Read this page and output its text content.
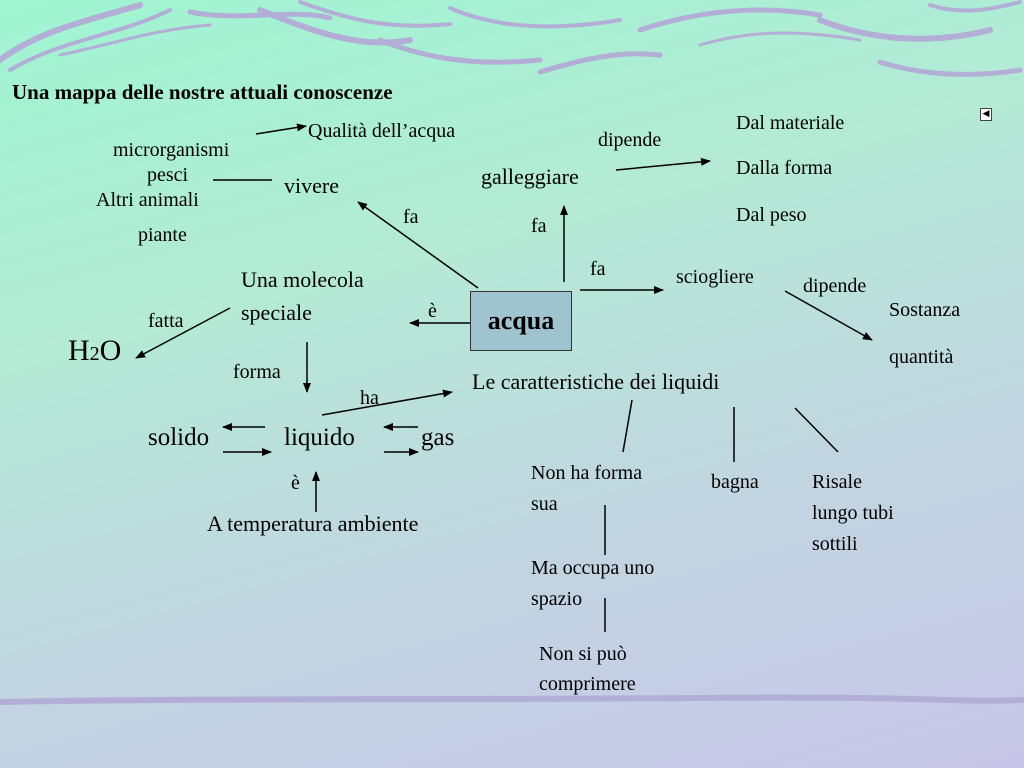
Una mappa delle nostre attuali conoscenze
◀
Qualità dell’acqua
microrganismi
pesci
Altri animali
piante
vivere
dipende
galleggiare
Dal materiale
Dalla forma
Dal peso
fa	fa
fa	sciogliere dipende
Sostanza
quantità
Una molecola
speciale	è
fatta
H2O
acqua
forma
ha
Le caratteristiche dei liquidi
solido	liquido	gas
è
A temperatura ambiente
Non ha forma
sua
Ma occupa uno
spazio
Non si può
comprimere
bagna	Risale
lungo tubi
sottili
